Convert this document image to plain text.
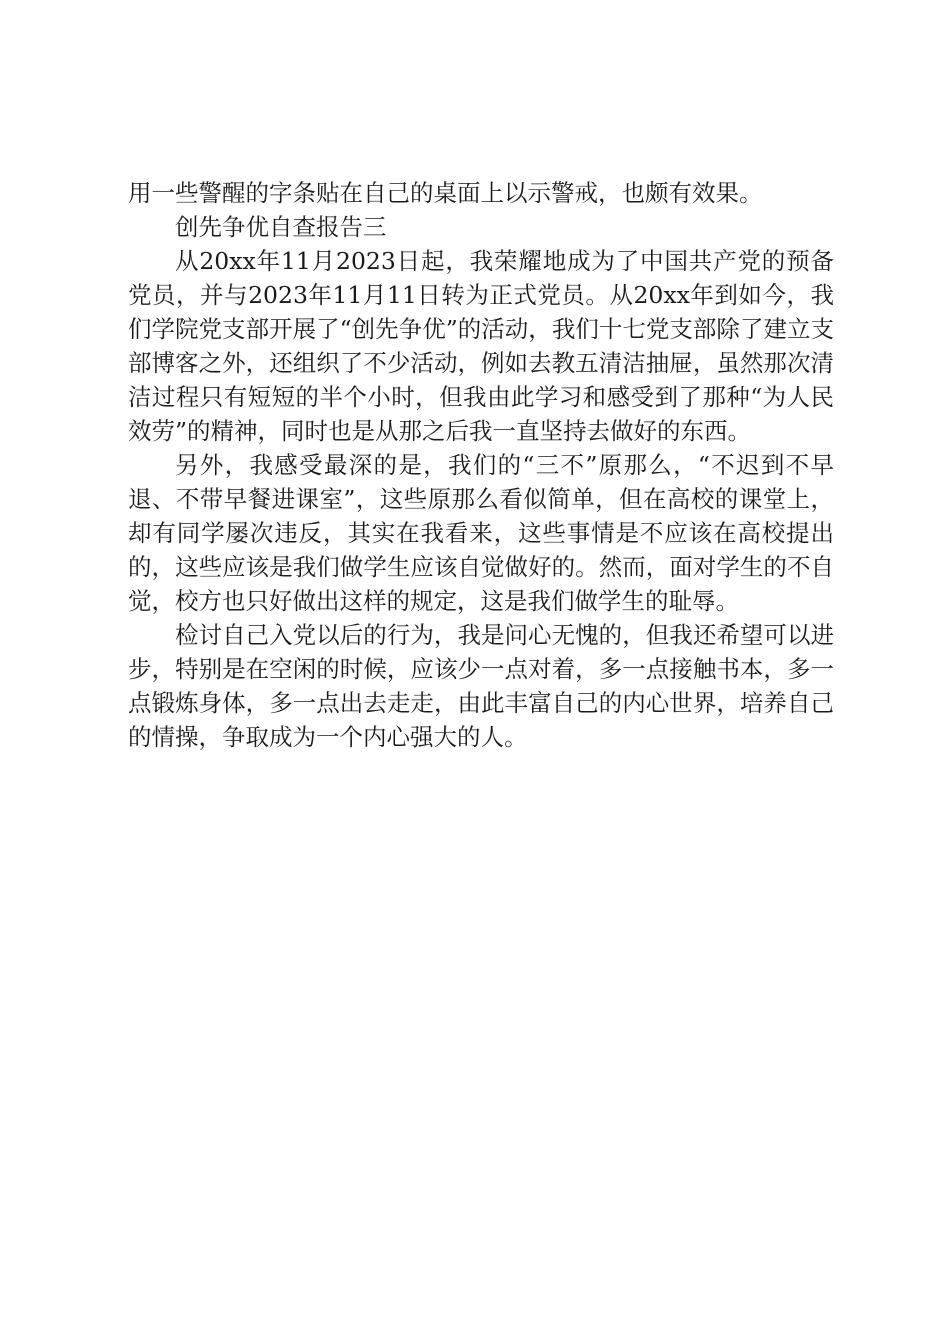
用一些警醒的字条贴在自己的桌面上以示警戒，也颇有效果。

创先争优自查报告三

从20xx年11月2023日起，我荣耀地成为了中国共产党的预备党员，并与2023年11月11日转为正式党员。从20xx年到如今，我们学院党支部开展了“创先争优”的活动，我们十七党支部除了建立支部博客之外，还组织了不少活动，例如去教五清洁抽屉，虽然那次清洁过程只有短短的半个小时，但我由此学习和感受到了那种“为人民效劳”的精神，同时也是从那之后我一直坚持去做好的东西。

另外，我感受最深的是，我们的“三不”原那么，“不迟到不早退、不带早餐进课室”，这些原那么看似简单，但在高校的课堂上，却有同学屡次违反，其实在我看来，这些事情是不应该在高校提出的，这些应该是我们做学生应该自觉做好的。然而，面对学生的不自觉，校方也只好做出这样的规定，这是我们做学生的耻辱。

检讨自己入党以后的行为，我是问心无愧的，但我还希望可以进步，特别是在空闲的时候，应该少一点对着，多一点接触书本，多一点锻炼身体，多一点出去走走，由此丰富自己的内心世界，培养自己的情操，争取成为一个内心强大的人。
